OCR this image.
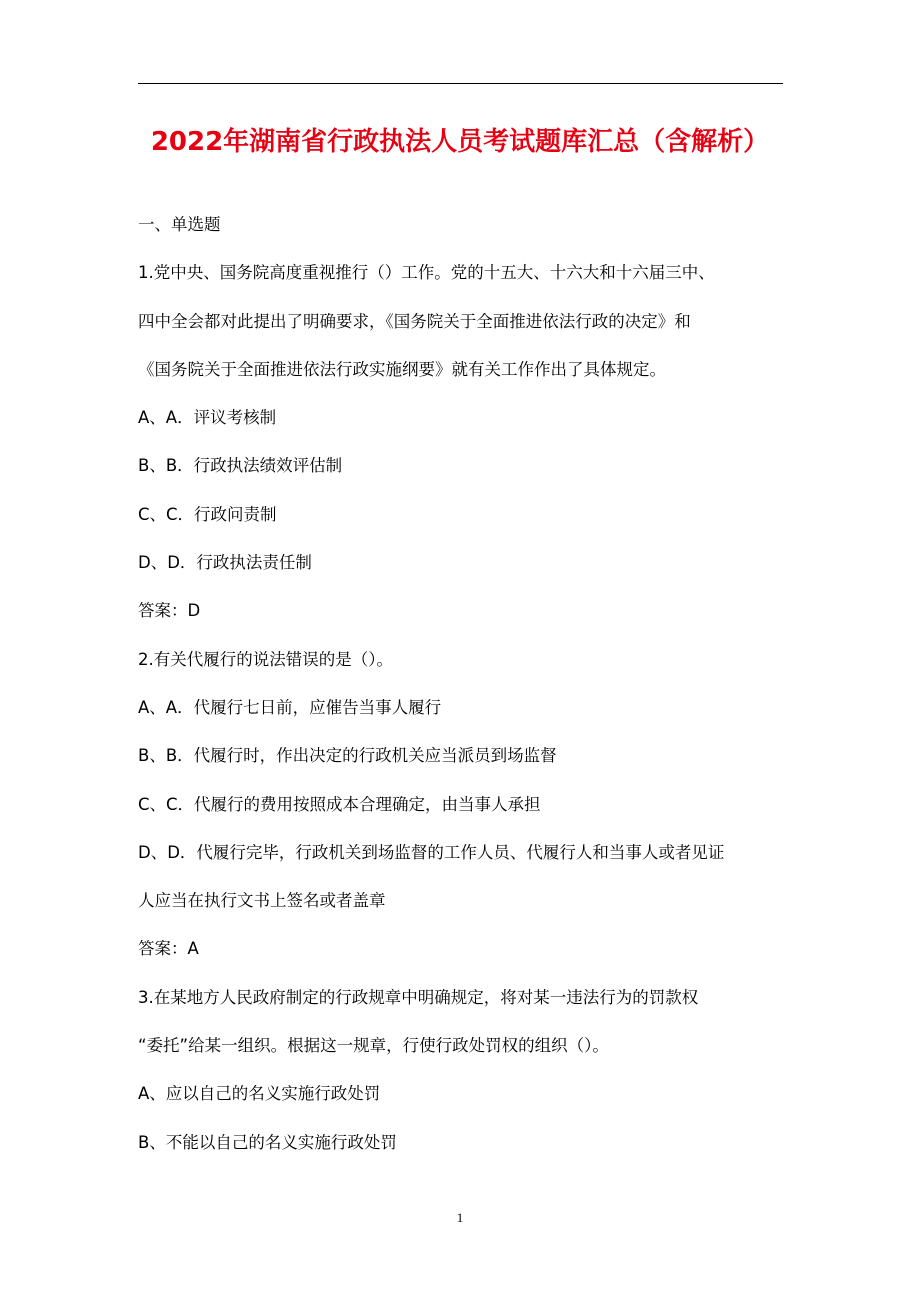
2022年湖南省行政执法人员考试题库汇总（含解析）
一、单选题
1.党中央、国务院高度重视推行（）工作。党的十五大、十六大和十六届三中、
四中全会都对此提出了明确要求，《国务院关于全面推进依法行政的决定》和
《国务院关于全面推进依法行政实施纲要》就有关工作作出了具体规定。
A、A．评议考核制
B、B．行政执法绩效评估制
C、C．行政问责制
D、D．行政执法责任制
答案：D
2.有关代履行的说法错误的是（）。
A、A．代履行七日前，应催告当事人履行
B、B．代履行时，作出决定的行政机关应当派员到场监督
C、C．代履行的费用按照成本合理确定，由当事人承担
D、D．代履行完毕，行政机关到场监督的工作人员、代履行人和当事人或者见证
人应当在执行文书上签名或者盖章
答案：A
3.在某地方人民政府制定的行政规章中明确规定，将对某一违法行为的罚款权
“委托”给某一组织。根据这一规章，行使行政处罚权的组织（）。
A、应以自己的名义实施行政处罚
B、不能以自己的名义实施行政处罚
1
